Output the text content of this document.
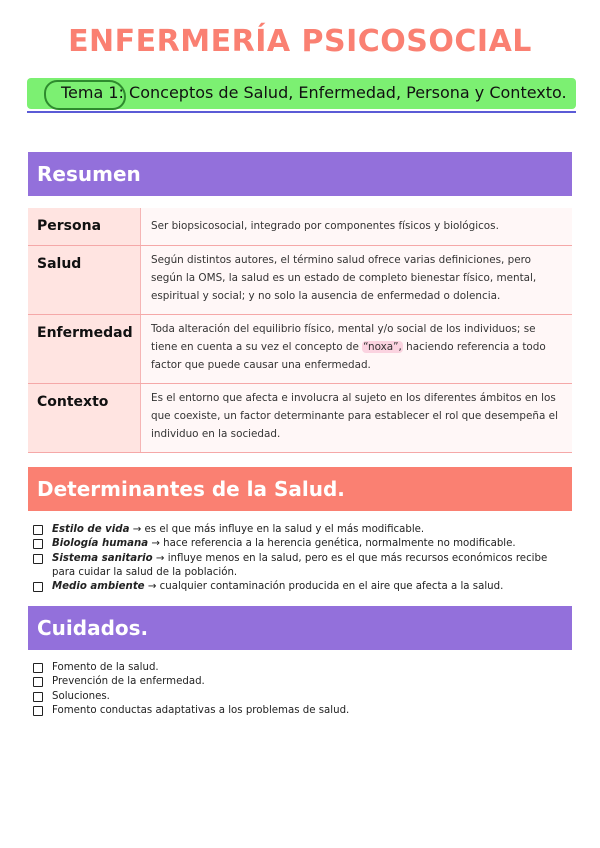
ENFERMERÍA PSICOSOCIAL
Tema 1: Conceptos de Salud, Enfermedad, Persona y Contexto.
Resumen
Persona	Ser biopsicosocial, integrado por componentes físicos y biológicos.
Salud	Según distintos autores, el término salud ofrece varias definiciones, pero según la OMS, la salud es un estado de completo bienestar físico, mental, espiritual y social; y no solo la ausencia de enfermedad o dolencia.
Enfermedad	Toda alteración del equilibrio físico, mental y/o social de los individuos; se tiene en cuenta a su vez el concepto de “noxa”, haciendo referencia a todo factor que puede causar una enfermedad.
Contexto	Es el entorno que afecta e involucra al sujeto en los diferentes ámbitos en los que coexiste, un factor determinante para establecer el rol que desempeña el individuo en la sociedad.
Determinantes de la Salud.
Estilo de vida → es el que más influye en la salud y el más modificable.
Biología humana → hace referencia a la herencia genética, normalmente no modificable.
Sistema sanitario → influye menos en la salud, pero es el que más recursos económicos recibe para cuidar la salud de la población.
Medio ambiente → cualquier contaminación producida en el aire que afecta a la salud.
Cuidados.
Fomento de la salud.
Prevención de la enfermedad.
Soluciones.
Fomento conductas adaptativas a los problemas de salud.
